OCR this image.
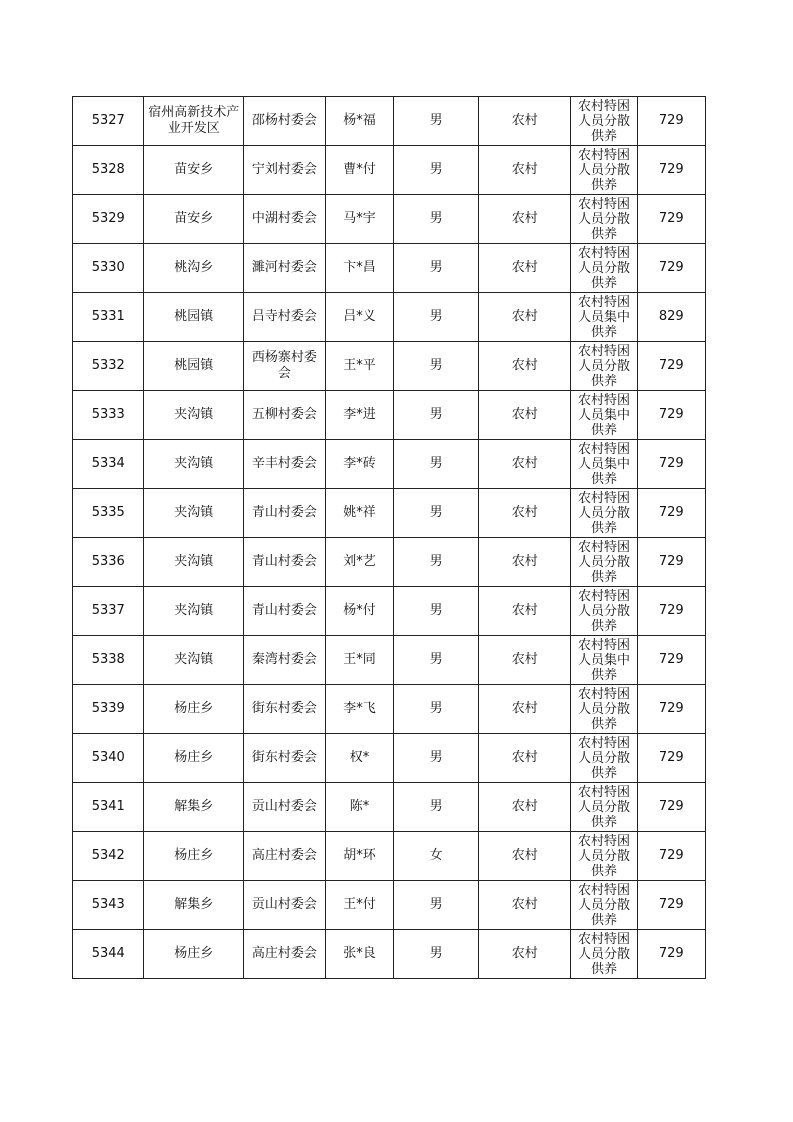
5327	宿州高新技术产业开发区	邵杨村委会	杨*福	男	农村	农村特困
人员分散
供养	729

5328	苗安乡	宁刘村委会	曹*付	男	农村	农村特困
人员分散
供养	729

5329	苗安乡	中湖村委会	马*宇	男	农村	农村特困
人员分散
供养	729

5330	桃沟乡	濉河村委会	卞*昌	男	农村	农村特困
人员分散
供养	729

5331	桃园镇	吕寺村委会	吕*义	男	农村	农村特困
人员集中
供养	829

5332	桃园镇	西杨寨村委会	王*平	男	农村	农村特困
人员分散
供养	729

5333	夹沟镇	五柳村委会	李*进	男	农村	农村特困
人员集中
供养	729

5334	夹沟镇	辛丰村委会	李*砖	男	农村	农村特困
人员集中
供养	729

5335	夹沟镇	青山村委会	姚*祥	男	农村	农村特困
人员分散
供养	729

5336	夹沟镇	青山村委会	刘*艺	男	农村	农村特困
人员分散
供养	729

5337	夹沟镇	青山村委会	杨*付	男	农村	农村特困
人员分散
供养	729

5338	夹沟镇	秦湾村委会	王*同	男	农村	农村特困
人员集中
供养	729

5339	杨庄乡	街东村委会	李*飞	男	农村	农村特困
人员分散
供养	729

5340	杨庄乡	街东村委会	权*	男	农村	农村特困
人员分散
供养	729

5341	解集乡	贡山村委会	陈*	男	农村	农村特困
人员分散
供养	729

5342	杨庄乡	高庄村委会	胡*环	女	农村	农村特困
人员分散
供养	729

5343	解集乡	贡山村委会	王*付	男	农村	农村特困
人员分散
供养	729

5344	杨庄乡	高庄村委会	张*良	男	农村	农村特困
人员分散
供养	729
